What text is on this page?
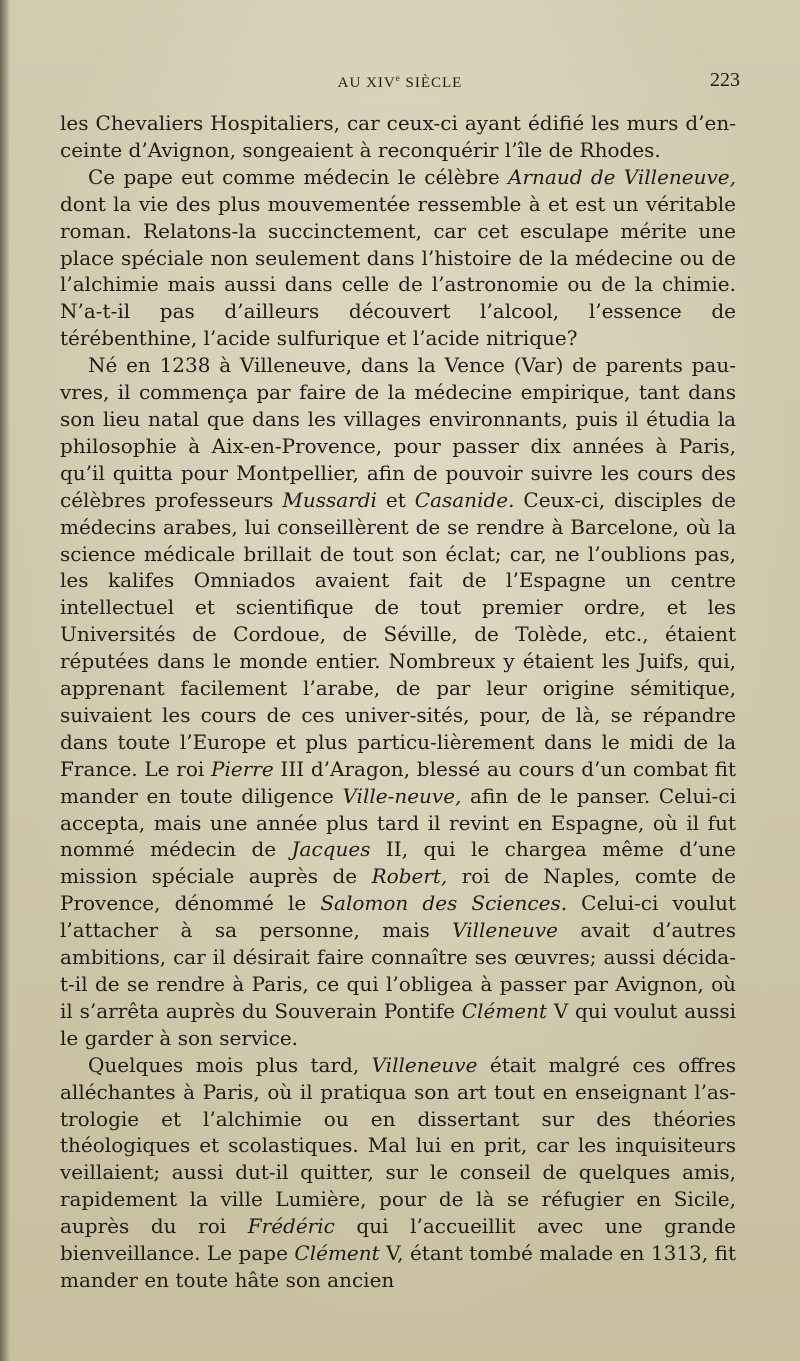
AU XIVe SIÈCLE	223

les Chevaliers Hospitaliers, car ceux-ci ayant édifié les murs d’en-ceinte d’Avignon, songeaient à reconquérir l’île de Rhodes.

Ce pape eut comme médecin le célèbre Arnaud de Villeneuve, dont la vie des plus mouvementée ressemble à et est un véritable roman. Relatons-la succinctement, car cet esculape mérite une place spéciale non seulement dans l’histoire de la médecine ou de l’alchimie mais aussi dans celle de l’astronomie ou de la chimie. N’a-t-il pas d’ailleurs découvert l’alcool, l’essence de térébenthine, l’acide sulfurique et l’acide nitrique?

Né en 1238 à Villeneuve, dans la Vence (Var) de parents pau-vres, il commença par faire de la médecine empirique, tant dans son lieu natal que dans les villages environnants, puis il étudia la philosophie à Aix-en-Provence, pour passer dix années à Paris, qu’il quitta pour Montpellier, afin de pouvoir suivre les cours des célèbres professeurs Mussardi et Casanide. Ceux-ci, disciples de médecins arabes, lui conseillèrent de se rendre à Barcelone, où la science médicale brillait de tout son éclat; car, ne l’oublions pas, les kalifes Omniados avaient fait de l’Espagne un centre intellectuel et scientifique de tout premier ordre, et les Universités de Cordoue, de Séville, de Tolède, etc., étaient réputées dans le monde entier. Nombreux y étaient les Juifs, qui, apprenant facilement l’arabe, de par leur origine sémitique, suivaient les cours de ces univer-sités, pour, de là, se répandre dans toute l’Europe et plus particu-lièrement dans le midi de la France. Le roi Pierre III d’Aragon, blessé au cours d’un combat fit mander en toute diligence Ville-neuve, afin de le panser. Celui-ci accepta, mais une année plus tard il revint en Espagne, où il fut nommé médecin de Jacques II, qui le chargea même d’une mission spéciale auprès de Robert, roi de Naples, comte de Provence, dénommé le Salomon des Sciences. Celui-ci voulut l’attacher à sa personne, mais Villeneuve avait d’autres ambitions, car il désirait faire connaître ses œuvres; aussi décida-t-il de se rendre à Paris, ce qui l’obligea à passer par Avignon, où il s’arrêta auprès du Souverain Pontife Clément V qui voulut aussi le garder à son service.

Quelques mois plus tard, Villeneuve était malgré ces offres alléchantes à Paris, où il pratiqua son art tout en enseignant l’as-trologie et l’alchimie ou en dissertant sur des théories théologiques et scolastiques. Mal lui en prit, car les inquisiteurs veillaient; aussi dut-il quitter, sur le conseil de quelques amis, rapidement la ville Lumière, pour de là se réfugier en Sicile, auprès du roi Frédéric qui l’accueillit avec une grande bienveillance. Le pape Clément V, étant tombé malade en 1313, fit mander en toute hâte son ancien
